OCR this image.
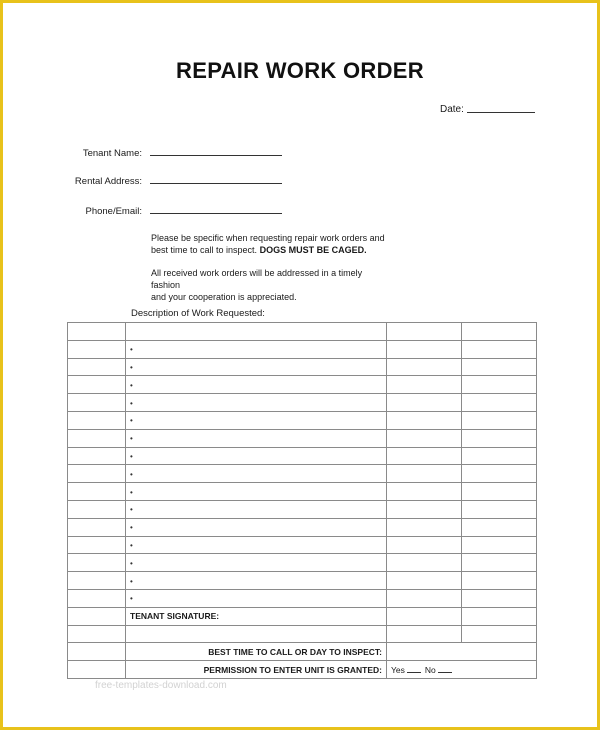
REPAIR WORK ORDER
Date:
Tenant Name:
Rental Address:
Phone/Email:
Please be specific when requesting repair work orders and
best time to call to inspect. DOGS MUST BE CAGED.
All received work orders will be addressed in a timely fashion
and your cooperation is appreciated.
Description of Work Requested:

	•		
	•		
	•		
	•		
	•		
	•		
	•		
	•		
	•		
	•		
	•		
	•		
	•		
	•		
	•		
	TENANT SIGNATURE:		

	BEST TIME TO CALL OR DAY TO INSPECT:		
	PERMISSION TO ENTER UNIT IS GRANTED:	Yes No	
free-templates-download.com
